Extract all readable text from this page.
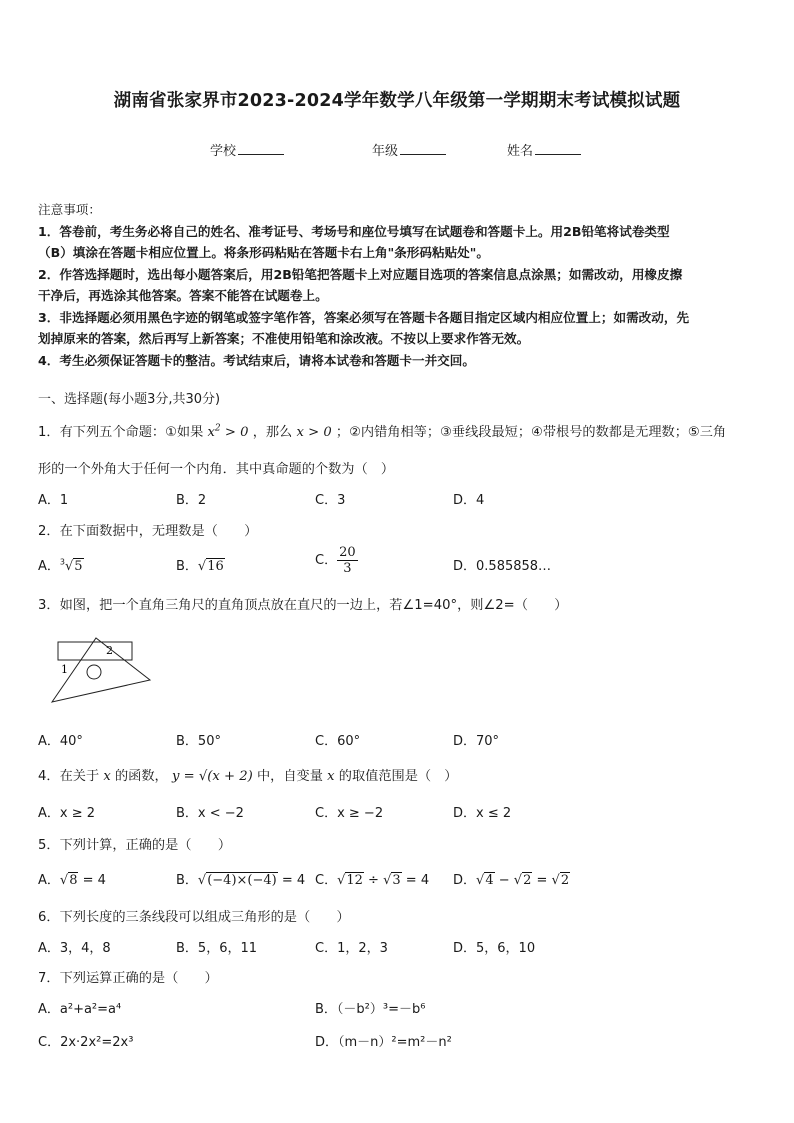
湖南省张家界市2023-2024学年数学八年级第一学期期末考试模拟试题
学校	年级	姓名
注意事项：

1．答卷前，考生务必将自己的姓名、准考证号、考场号和座位号填写在试题卷和答题卡上。用2B铅笔将试卷类型

（B）填涂在答题卡相应位置上。将条形码粘贴在答题卡右上角"条形码粘贴处"。

2．作答选择题时，选出每小题答案后，用2B铅笔把答题卡上对应题目选项的答案信息点涂黑；如需改动，用橡皮擦

干净后，再选涂其他答案。答案不能答在试题卷上。

3．非选择题必须用黑色字迹的钢笔或签字笔作答，答案必须写在答题卡各题目指定区域内相应位置上；如需改动，先

划掉原来的答案，然后再写上新答案；不准使用铅笔和涂改液。不按以上要求作答无效。

4．考生必须保证答题卡的整洁。考试结束后，请将本试卷和答题卡一并交回。

一、选择题(每小题3分,共30分)
1．有下列五个命题：①如果 $x^2 > 0$ ，那么 x > 0 ；②内错角相等；③垂线段最短；④带根号的数都是无理数；⑤三角
形的一个外角大于任何一个内角．其中真命题的个数为（　）
A．1	B．2	C．3	D．4
2．在下面数据中，无理数是（　　）
A．$^3$√5	B．√16	C． $\frac{20}{3}$	D．0.585858…
3．如图，把一个直角三角尺的直角顶点放在直尺的一边上，若∠1=40°，则∠2=（　　）
1
2
A．40°	B．50°	C．60°	D．70°
4．在关于 x 的函数， y = √(x + 2) 中，自变量 x 的取值范围是（　）
A．x ≥ 2	B．x < −2	C．x ≥ −2	D．x ≤ 2
5．下列计算，正确的是（　　）
A．√8 = 4	B．√(−4)×(−4) = 4 C．√12 ÷ √3 = 4 D．√4 − √2 = √2
6．下列长度的三条线段可以组成三角形的是（　　）
A．3，4，8	B．5，6，11	C．1，2，3	D．5，6，10
7．下列运算正确的是（　　）
A．a²+a²=a⁴	B．（－b²）³=－b⁶
C．2x·2x²=2x³	D．（m－n）²=m²－n²
